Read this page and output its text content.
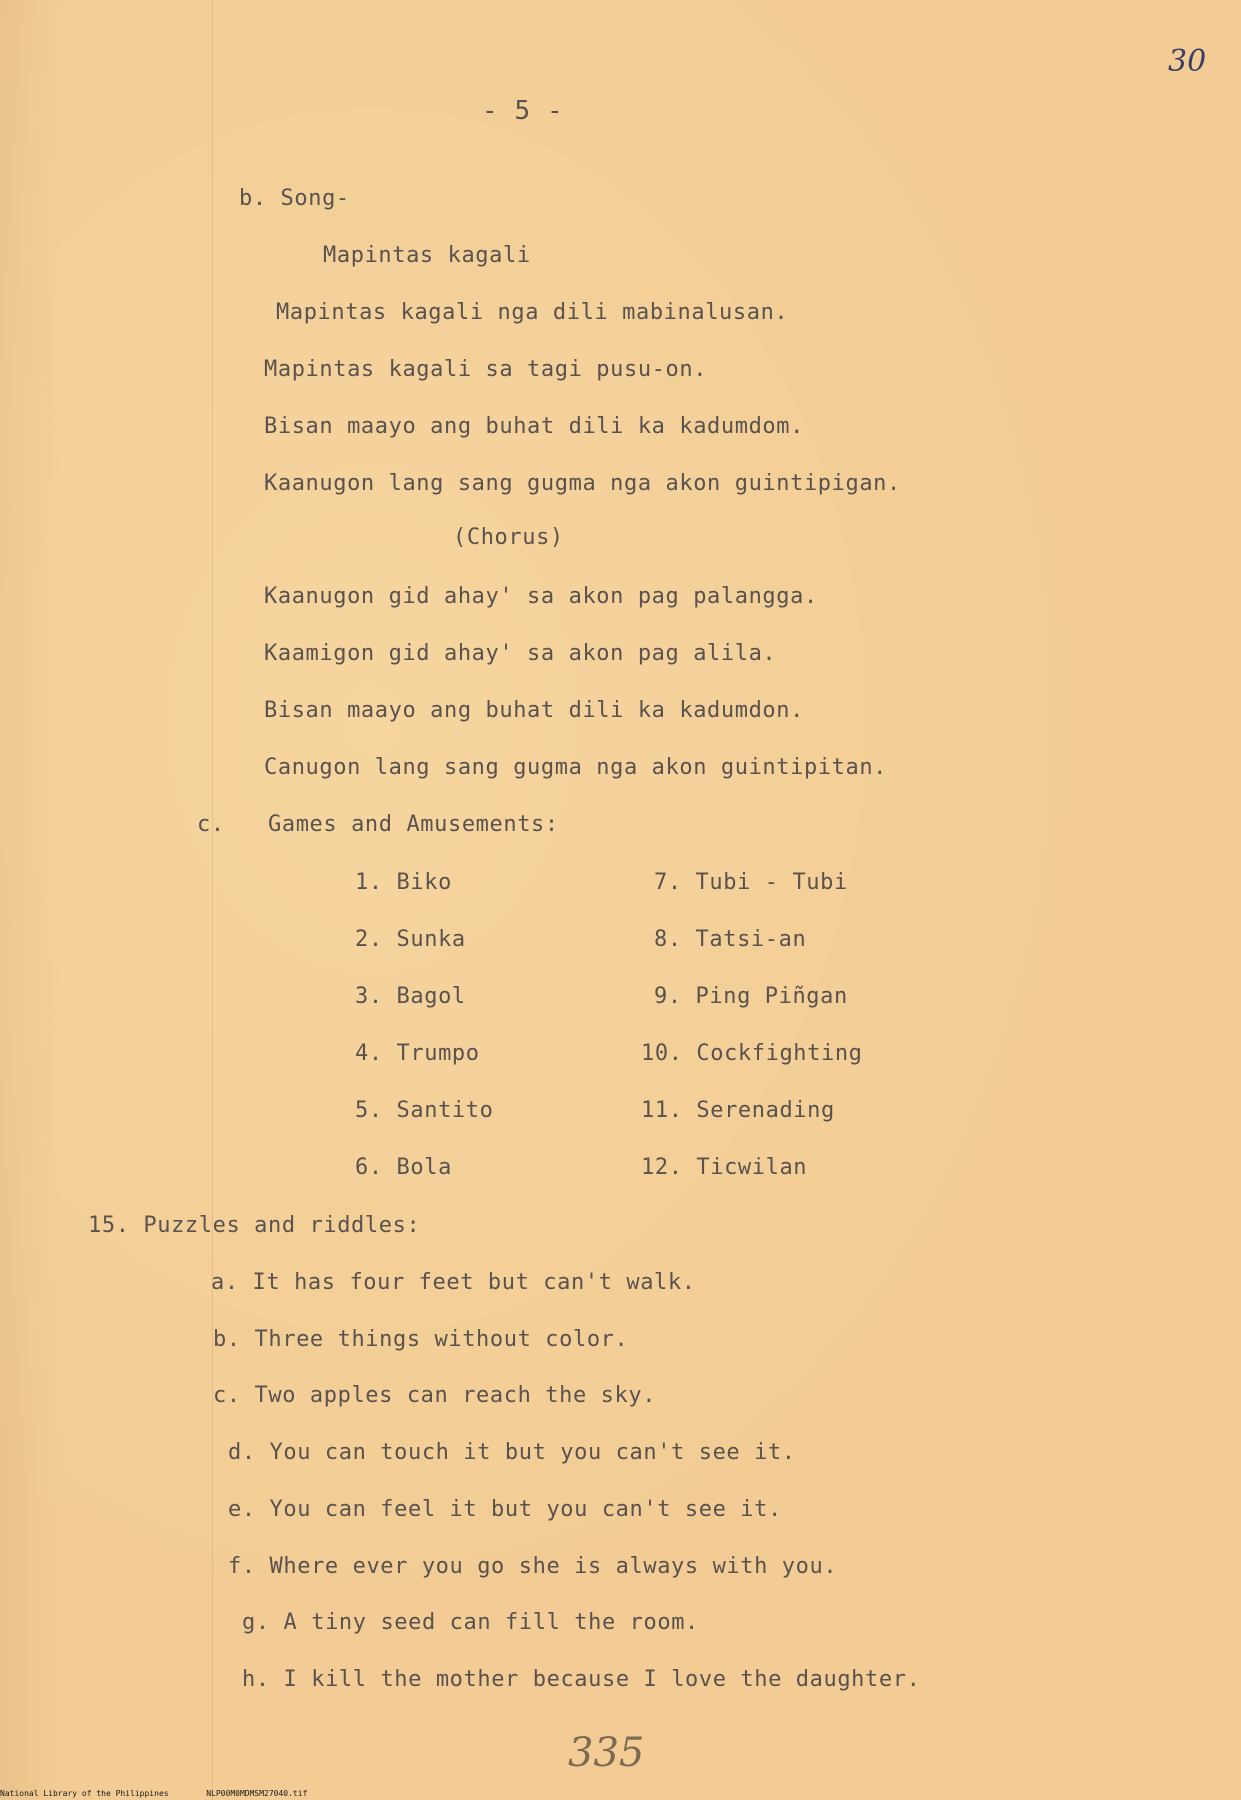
30
- 5 -
b. Song-
Mapintas kagali
Mapintas kagali nga dili mabinalusan.
Mapintas kagali sa tagi pusu-on.
Bisan maayo ang buhat dili ka kadumdom.
Kaanugon lang sang gugma nga akon guintipigan.
(Chorus)
Kaanugon gid ahay' sa akon pag palangga.
Kaamigon gid ahay' sa akon pag alila.
Bisan maayo ang buhat dili ka kadumdon.
Canugon lang sang gugma nga akon guintipitan.
c. Games and Amusements:
1. Biko
2. Sunka
3. Bagol
4. Trumpo
5. Santito
6. Bola
7. Tubi - Tubi
8. Tatsi-an
9. Ping Piñgan
10. Cockfighting
11. Serenading
12. Ticwilan
15. Puzzles and riddles:
a. It has four feet but can't walk.
b. Three things without color.
c. Two apples can reach the sky.
d. You can touch it but you can't see it.
e. You can feel it but you can't see it.
f. Where ever you go she is always with you.
g. A tiny seed can fill the room.
h. I kill the mother because I love the daughter.
335
National Library of the Philippines	NLP00M0MDMSM27040.tif
